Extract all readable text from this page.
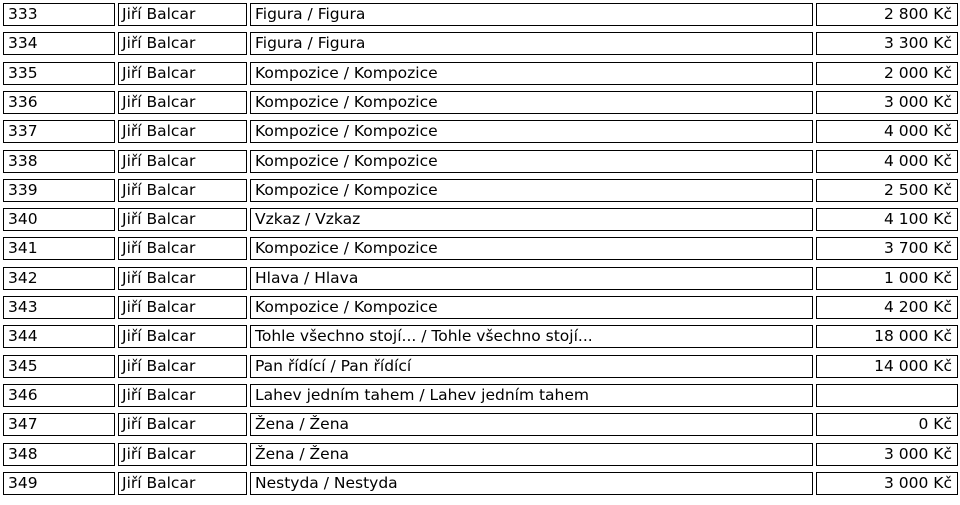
333	Jiří Balcar	Figura / Figura	2 800 Kč
334	Jiří Balcar	Figura / Figura	3 300 Kč
335	Jiří Balcar	Kompozice / Kompozice	2 000 Kč
336	Jiří Balcar	Kompozice / Kompozice	3 000 Kč
337	Jiří Balcar	Kompozice / Kompozice	4 000 Kč
338	Jiří Balcar	Kompozice / Kompozice	4 000 Kč
339	Jiří Balcar	Kompozice / Kompozice	2 500 Kč
340	Jiří Balcar	Vzkaz / Vzkaz	4 100 Kč
341	Jiří Balcar	Kompozice / Kompozice	3 700 Kč
342	Jiří Balcar	Hlava / Hlava	1 000 Kč
343	Jiří Balcar	Kompozice / Kompozice	4 200 Kč
344	Jiří Balcar	Tohle všechno stojí... / Tohle všechno stojí...	18 000 Kč
345	Jiří Balcar	Pan řídící / Pan řídící	14 000 Kč
346	Jiří Balcar	Lahev jedním tahem / Lahev jedním tahem
347	Jiří Balcar	Žena / Žena	0 Kč
348	Jiří Balcar	Žena / Žena	3 000 Kč
349	Jiří Balcar	Nestyda / Nestyda	3 000 Kč
